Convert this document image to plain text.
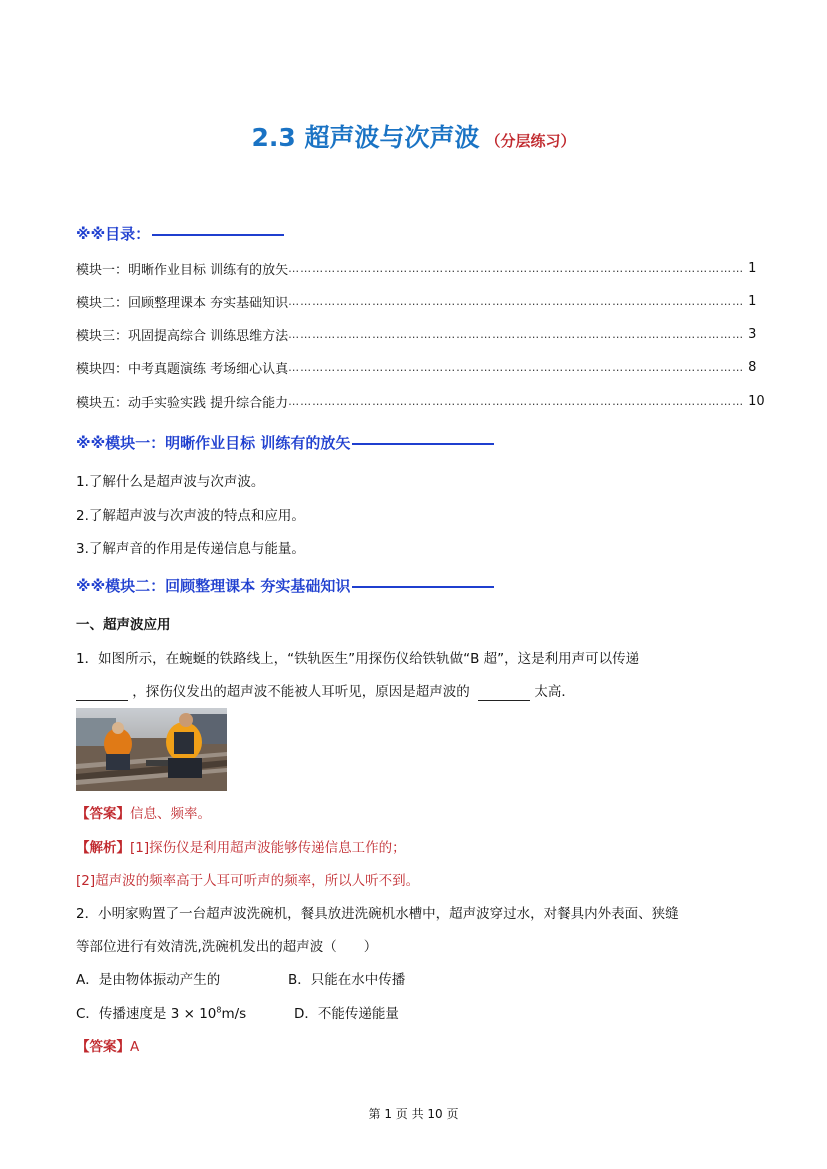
2.3 超声波与次声波 （分层练习）
※※目录：
模块一：明晰作业目标 训练有的放矢 …………………………………………………………………………………………………… 1
模块二：回顾整理课本 夯实基础知识 …………………………………………………………………………………………………… 1
模块三：巩固提高综合 训练思维方法 …………………………………………………………………………………………………… 3
模块四：中考真题演练 考场细心认真 …………………………………………………………………………………………………… 8
模块五：动手实验实践 提升综合能力 …………………………………………………………………………………………………… 10
※※模块一：明晰作业目标 训练有的放矢
1.了解什么是超声波与次声波。
2.了解超声波与次声波的特点和应用。
3.了解声音的作用是传递信息与能量。
※※模块二：回顾整理课本 夯实基础知识
一、超声波应用
1．如图所示，在蜿蜒的铁路线上，“铁轨医生”用探伤仪给铁轨做“B 超”，这是利用声可以传递
，探伤仪发出的超声波不能被人耳听见，原因是超声波的	太高．
【答案】信息、频率。
【解析】[1]探伤仪是利用超声波能够传递信息工作的；
[2]超声波的频率高于人耳可听声的频率，所以人听不到。
2．小明家购置了一台超声波洗碗机，餐具放进洗碗机水槽中，超声波穿过水，对餐具内外表面、狭缝
等部位进行有效清洗,洗碗机发出的超声波（　　）
A．是由物体振动产生的	B．只能在水中传播
C．传播速度是 $3 \times 10^8m/s$	D．不能传递能量
【答案】A
第 1 页 共 10 页
